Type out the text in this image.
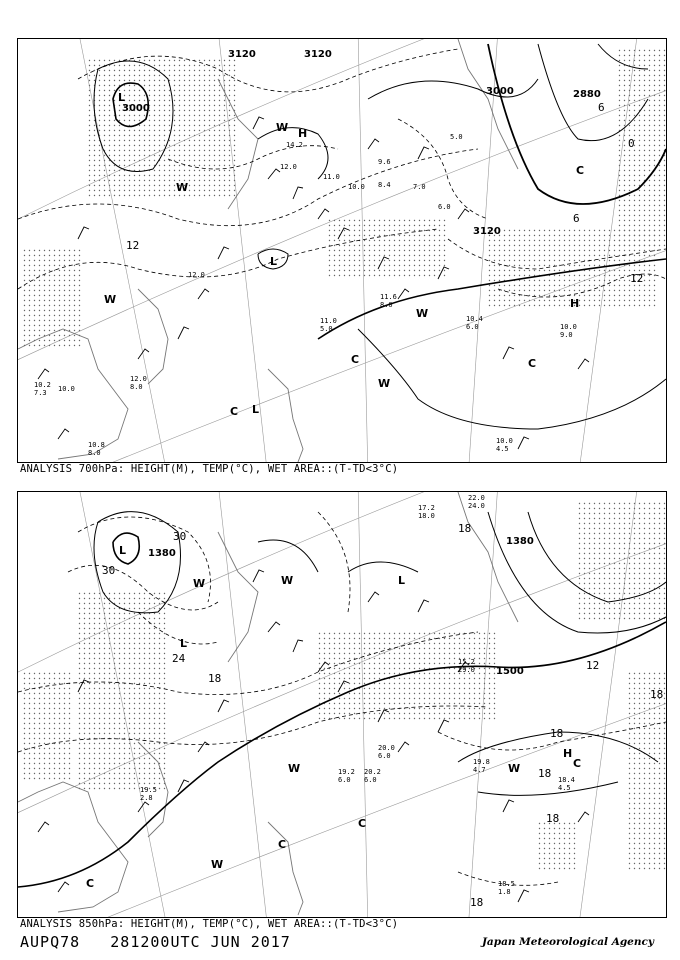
3000
3000
3120	3120
2880
3120
L
L
L
H
H
W
W
W
W
W
C
C	C
C
0
6
6
12
12
14.2
12.0
11.0
10.0
9.6
8.4	7.0
6.0
5.0
12.0
11.6
8.0
11.0
5.0
10.4
6.0	10.0
9.0
10.0
4.5
10.8
8.0
12.0
8.0
10.2
7.3 10.0
ANALYSIS 700hPa: HEIGHT(M), TEMP(°C), WET AREA::(T-TD<3°C)
1380
1380
1500
L
L
L
H
W	W
W
W
W
C
C
C
C
30
30
24
18
18
18
18
18
12
18
18
22.0
24.0
17.2
18.0
15.2
29.0
19.8
4.7
18.4
4.5
20.0
6.0
19.2
6.0
20.2
6.0
19.5
2.8
18.5
1.8
ANALYSIS 850hPa: HEIGHT(M), TEMP(°C), WET AREA::(T-TD<3°C)
AUPQ78 281200UTC JUN 2017	Japan Meteorological Agency
